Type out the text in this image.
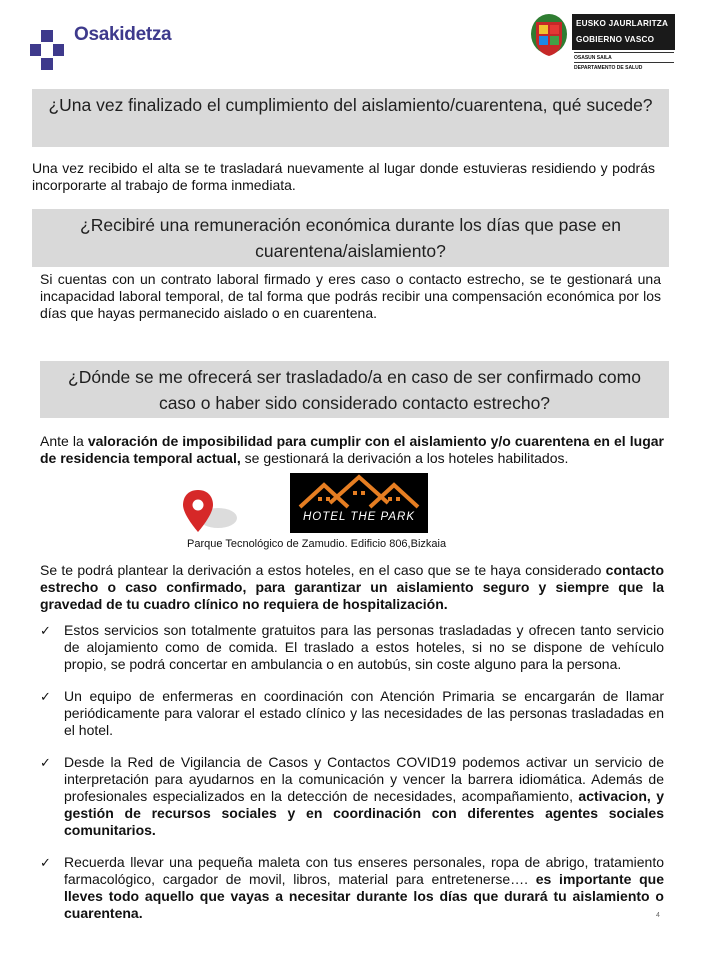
Osakidetza
EUSKO JAURLARITZA
GOBIERNO VASCO
OSASUN SAILA
DEPARTAMENTO DE SALUD
¿Una vez finalizado el cumplimiento del aislamiento/cuarentena, qué sucede?
Una vez recibido el alta se te trasladará nuevamente al lugar donde estuvieras residiendo y podrás incorporarte al trabajo de forma inmediata.
¿Recibiré una remuneración económica durante los días que pase en cuarentena/aislamiento?
Si cuentas con un contrato laboral firmado y eres caso o contacto estrecho, se te gestionará una incapacidad laboral temporal, de tal forma que podrás recibir una compensación económica por los días que hayas permanecido aislado o en cuarentena.
¿Dónde se me ofrecerá ser trasladado/a en caso de ser confirmado como caso o haber sido considerado contacto estrecho?
Ante la valoración de imposibilidad para cumplir con el aislamiento y/o cuarentena en el lugar de residencia temporal actual, se gestionará la derivación a los hoteles habilitados.
HOTEL THE PARK
Parque Tecnológico de Zamudio. Edificio 806,Bizkaia
Se te podrá plantear la derivación a estos hoteles, en el caso que se te haya considerado contacto estrecho o caso confirmado, para garantizar un aislamiento seguro y siempre que la gravedad de tu cuadro clínico no requiera de hospitalización.
✓ Estos servicios son totalmente gratuitos para las personas trasladadas y ofrecen tanto servicio de alojamiento como de comida. El traslado a estos hoteles, si no se dispone de vehículo propio, se podrá concertar en ambulancia o en autobús, sin coste alguno para la persona.
✓ Un equipo de enfermeras en coordinación con Atención Primaria se encargarán de llamar periódicamente para valorar el estado clínico y las necesidades de las personas trasladadas en el hotel.
✓ Desde la Red de Vigilancia de Casos y Contactos COVID19 podemos activar un servicio de interpretación para ayudarnos en la comunicación y vencer la barrera idiomática. Además de profesionales especializados en la detección de necesidades, acompañamiento, activacion, y gestión de recursos sociales y en coordinación con diferentes agentes sociales comunitarios.
✓ Recuerda llevar una pequeña maleta con tus enseres personales, ropa de abrigo, tratamiento farmacológico, cargador de movil, libros, material para entretenerse…. es importante que lleves todo aquello que vayas a necesitar durante los días que durará tu aislamiento o cuarentena.	4
